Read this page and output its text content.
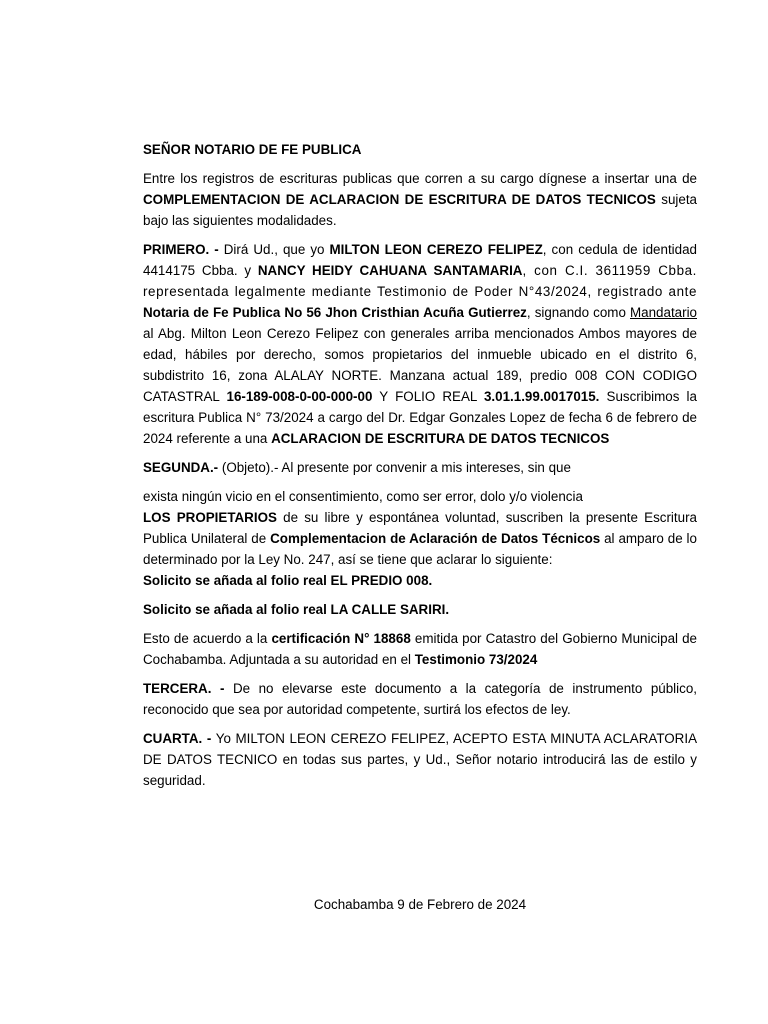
SEÑOR NOTARIO DE FE PUBLICA

Entre los registros de escrituras publicas que corren a su cargo dígnese a insertar una de COMPLEMENTACION DE ACLARACION DE ESCRITURA DE DATOS TECNICOS sujeta bajo las siguientes modalidades.

PRIMERO. - Dirá Ud., que yo MILTON LEON CEREZO FELIPEZ, con cedula de identidad 4414175 Cbba. y NANCY HEIDY CAHUANA SANTAMARIA, con C.I. 3611959 Cbba. representada legalmente mediante Testimonio de Poder N°43/2024, registrado ante Notaria de Fe Publica No 56 Jhon Cristhian Acuña Gutierrez, signando como Mandatario al Abg. Milton Leon Cerezo Felipez con generales arriba mencionados Ambos mayores de edad, hábiles por derecho, somos propietarios del inmueble ubicado en el distrito 6, subdistrito 16, zona ALALAY NORTE. Manzana actual 189, predio 008 CON CODIGO CATASTRAL 16-189-008-0-00-000-00 Y FOLIO REAL 3.01.1.99.0017015. Suscribimos la escritura Publica N° 73/2024 a cargo del Dr. Edgar Gonzales Lopez de fecha 6 de febrero de 2024 referente a una ACLARACION DE ESCRITURA DE DATOS TECNICOS

SEGUNDA.- (Objeto).- Al presente por convenir a mis intereses, sin que

exista ningún vicio en el consentimiento, como ser error, dolo y/o violencia

LOS PROPIETARIOS de su libre y espontánea voluntad, suscriben la presente Escritura Publica Unilateral de Complementacion de Aclaración de Datos Técnicos al amparo de lo determinado por la Ley No. 247, así se tiene que aclarar lo siguiente:

Solicito se añada al folio real EL PREDIO 008.

Solicito se añada al folio real LA CALLE SARIRI.

Esto de acuerdo a la certificación N° 18868 emitida por Catastro del Gobierno Municipal de Cochabamba. Adjuntada a su autoridad en el Testimonio 73/2024

TERCERA. - De no elevarse este documento a la categoría de instrumento público, reconocido que sea por autoridad competente, surtirá los efectos de ley.

CUARTA. - Yo MILTON LEON CEREZO FELIPEZ, ACEPTO ESTA MINUTA ACLARATORIA DE DATOS TECNICO en todas sus partes, y Ud., Señor notario introducirá las de estilo y seguridad.

Cochabamba 9 de Febrero de 2024
